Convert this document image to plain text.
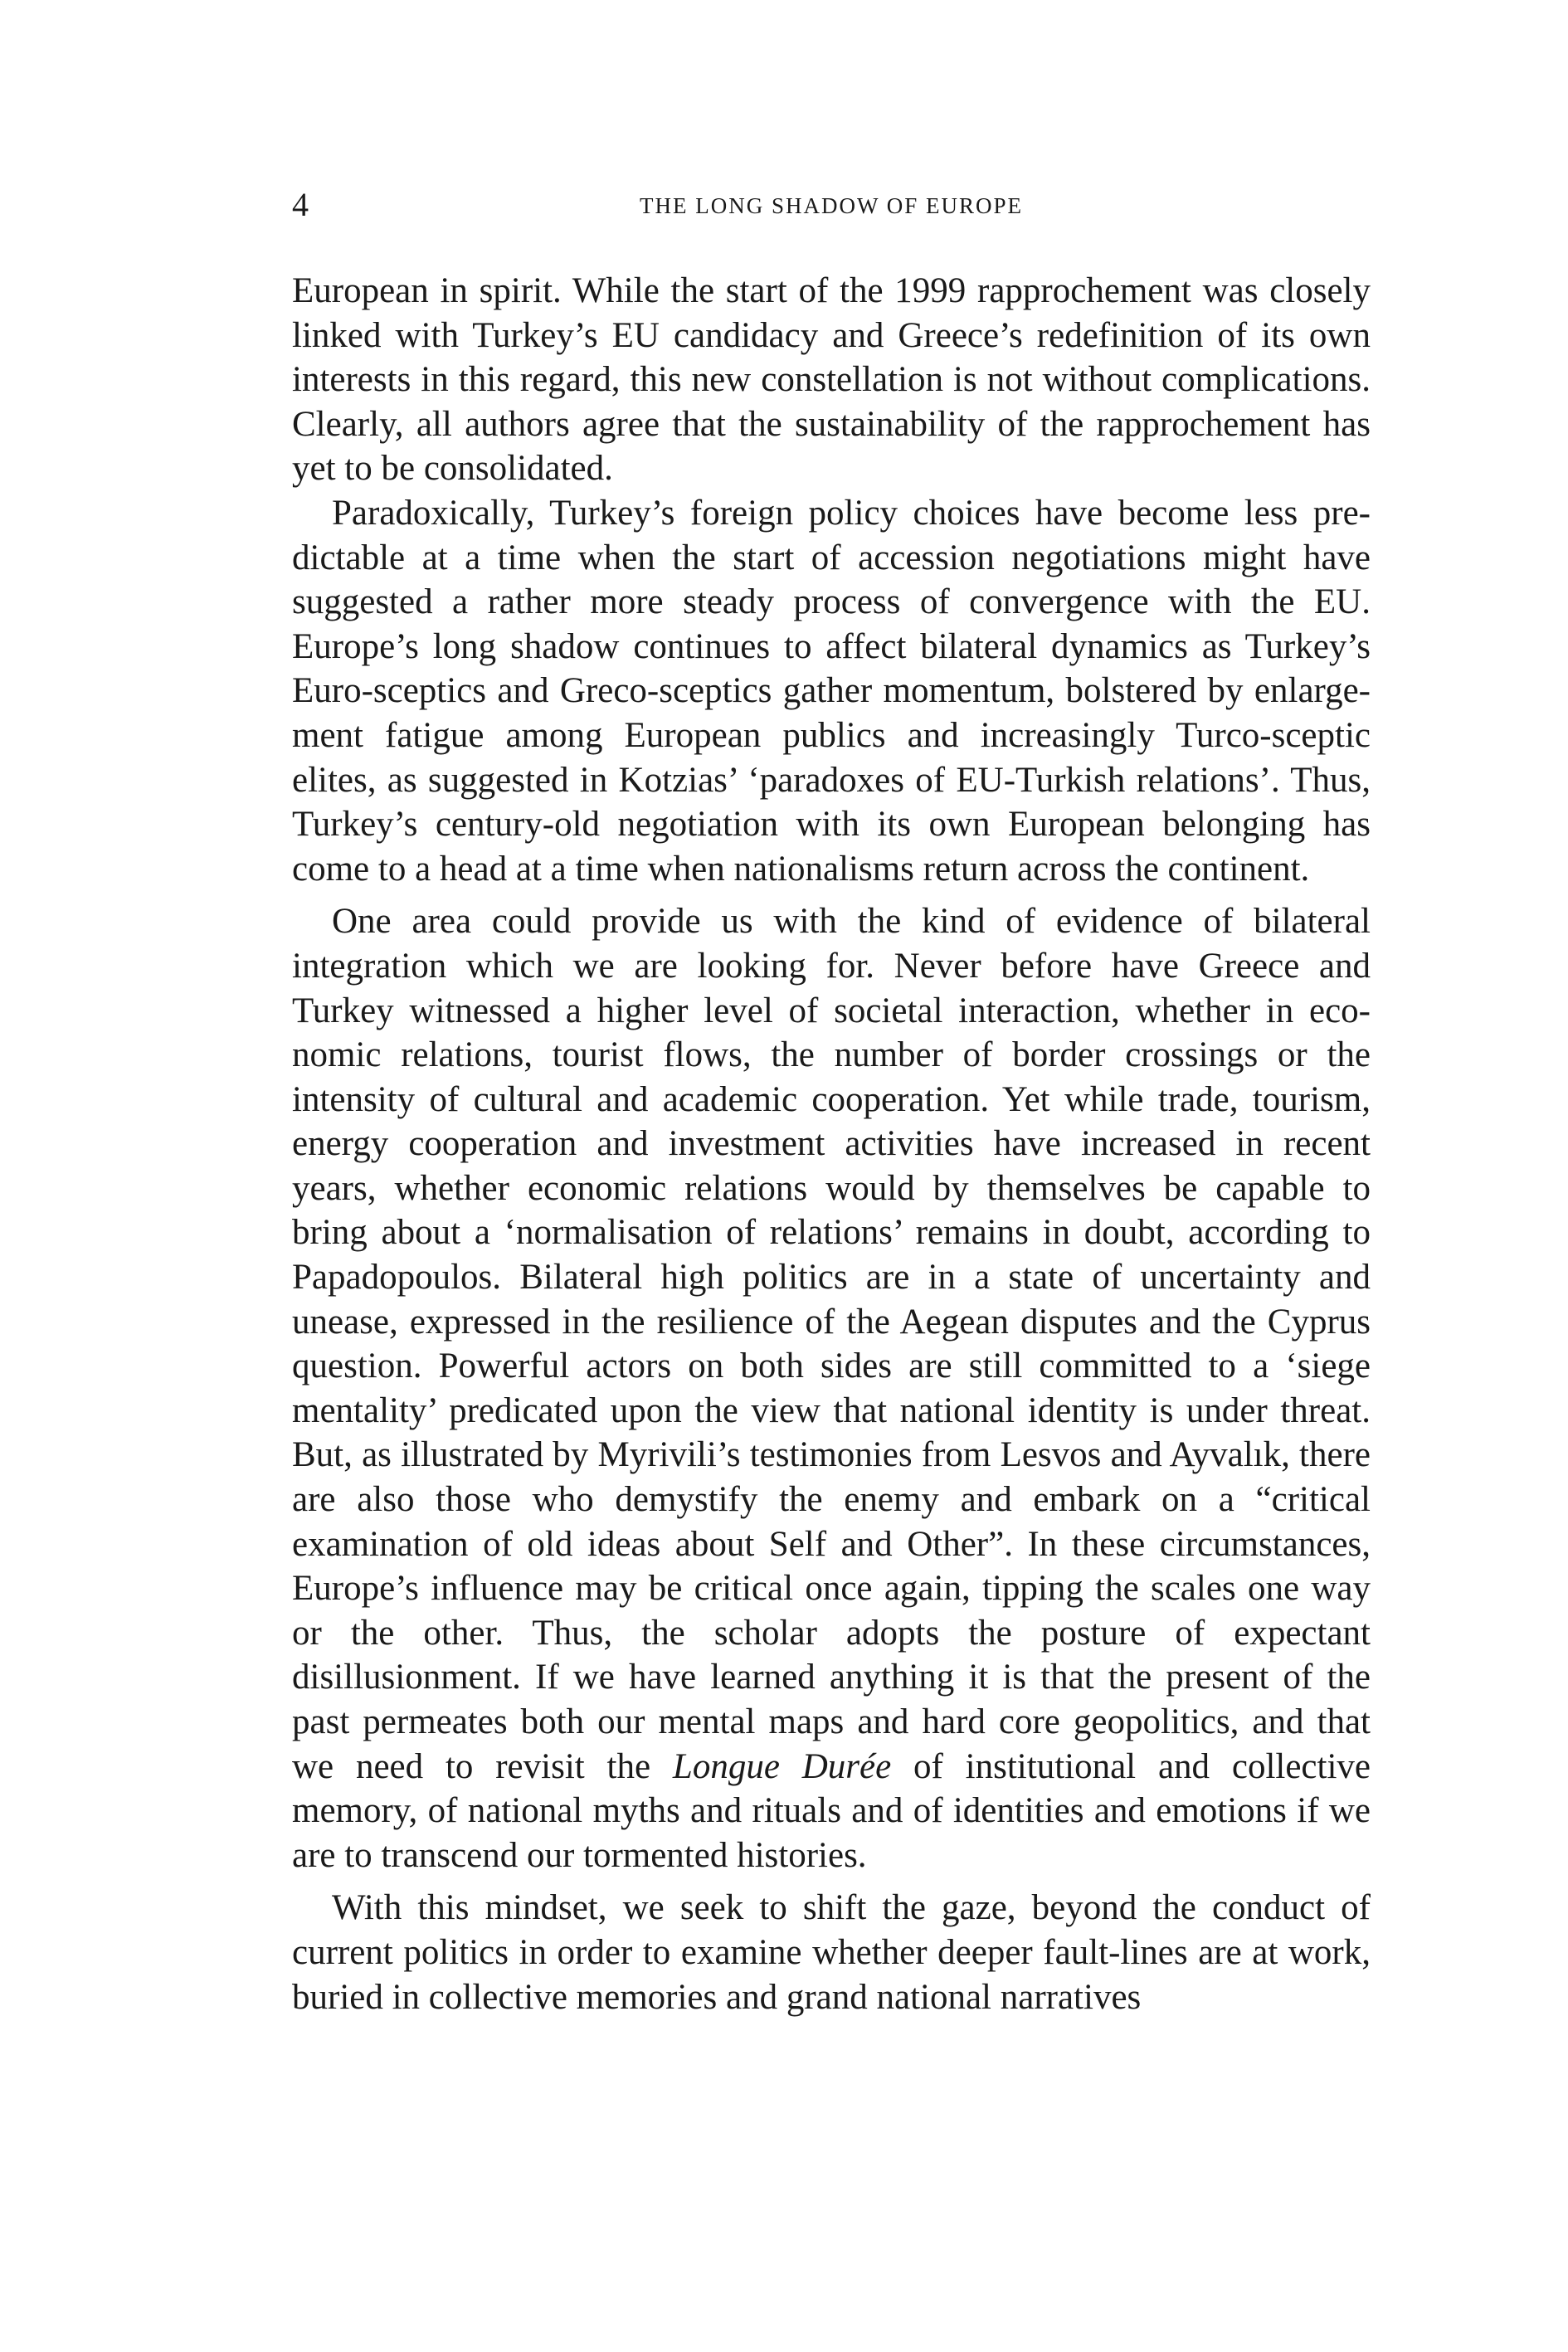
4	THE LONG SHADOW OF EUROPE

European in spirit. While the start of the 1999 rapprochement was closely linked with Turkey’s EU candidacy and Greece’s redefinition of its own interests in this regard, this new constellation is not without complications. Clearly, all authors agree that the sustainability of the rapprochement has yet to be consolidated.

Paradoxically, Turkey’s foreign policy choices have become less predictable at a time when the start of accession negotiations might have suggested a rather more steady process of convergence with the EU. Europe’s long shadow continues to affect bilateral dynamics as Turkey’s Euro-sceptics and Greco-sceptics gather momentum, bolstered by enlargement fatigue among European publics and increasingly Turco-sceptic elites, as suggested in Kotzias’ ‘paradoxes of EU-Turkish relations’. Thus, Turkey’s century-old negotiation with its own European belonging has come to a head at a time when nationalisms return across the continent.

One area could provide us with the kind of evidence of bilateral integration which we are looking for. Never before have Greece and Turkey witnessed a higher level of societal interaction, whether in economic relations, tourist flows, the number of border crossings or the intensity of cultural and academic cooperation. Yet while trade, tourism, energy cooperation and investment activities have increased in recent years, whether economic relations would by themselves be capable to bring about a ‘normalisation of relations’ remains in doubt, according to Papadopoulos. Bilateral high politics are in a state of uncertainty and unease, expressed in the resilience of the Aegean disputes and the Cyprus question. Powerful actors on both sides are still committed to a ‘siege mentality’ predicated upon the view that national identity is under threat. But, as illustrated by Myrivili’s testimonies from Lesvos and Ayvalık, there are also those who demystify the enemy and embark on a “critical examination of old ideas about Self and Other”. In these circumstances, Europe’s influence may be critical once again, tipping the scales one way or the other. Thus, the scholar adopts the posture of expectant disillusionment. If we have learned anything it is that the present of the past permeates both our mental maps and hard core geopolitics, and that we need to revisit the Longue Durée of institutional and collective memory, of national myths and rituals and of identities and emotions if we are to transcend our tormented histories.

With this mindset, we seek to shift the gaze, beyond the conduct of current politics in order to examine whether deeper fault-lines are at work, buried in collective memories and grand national narratives
